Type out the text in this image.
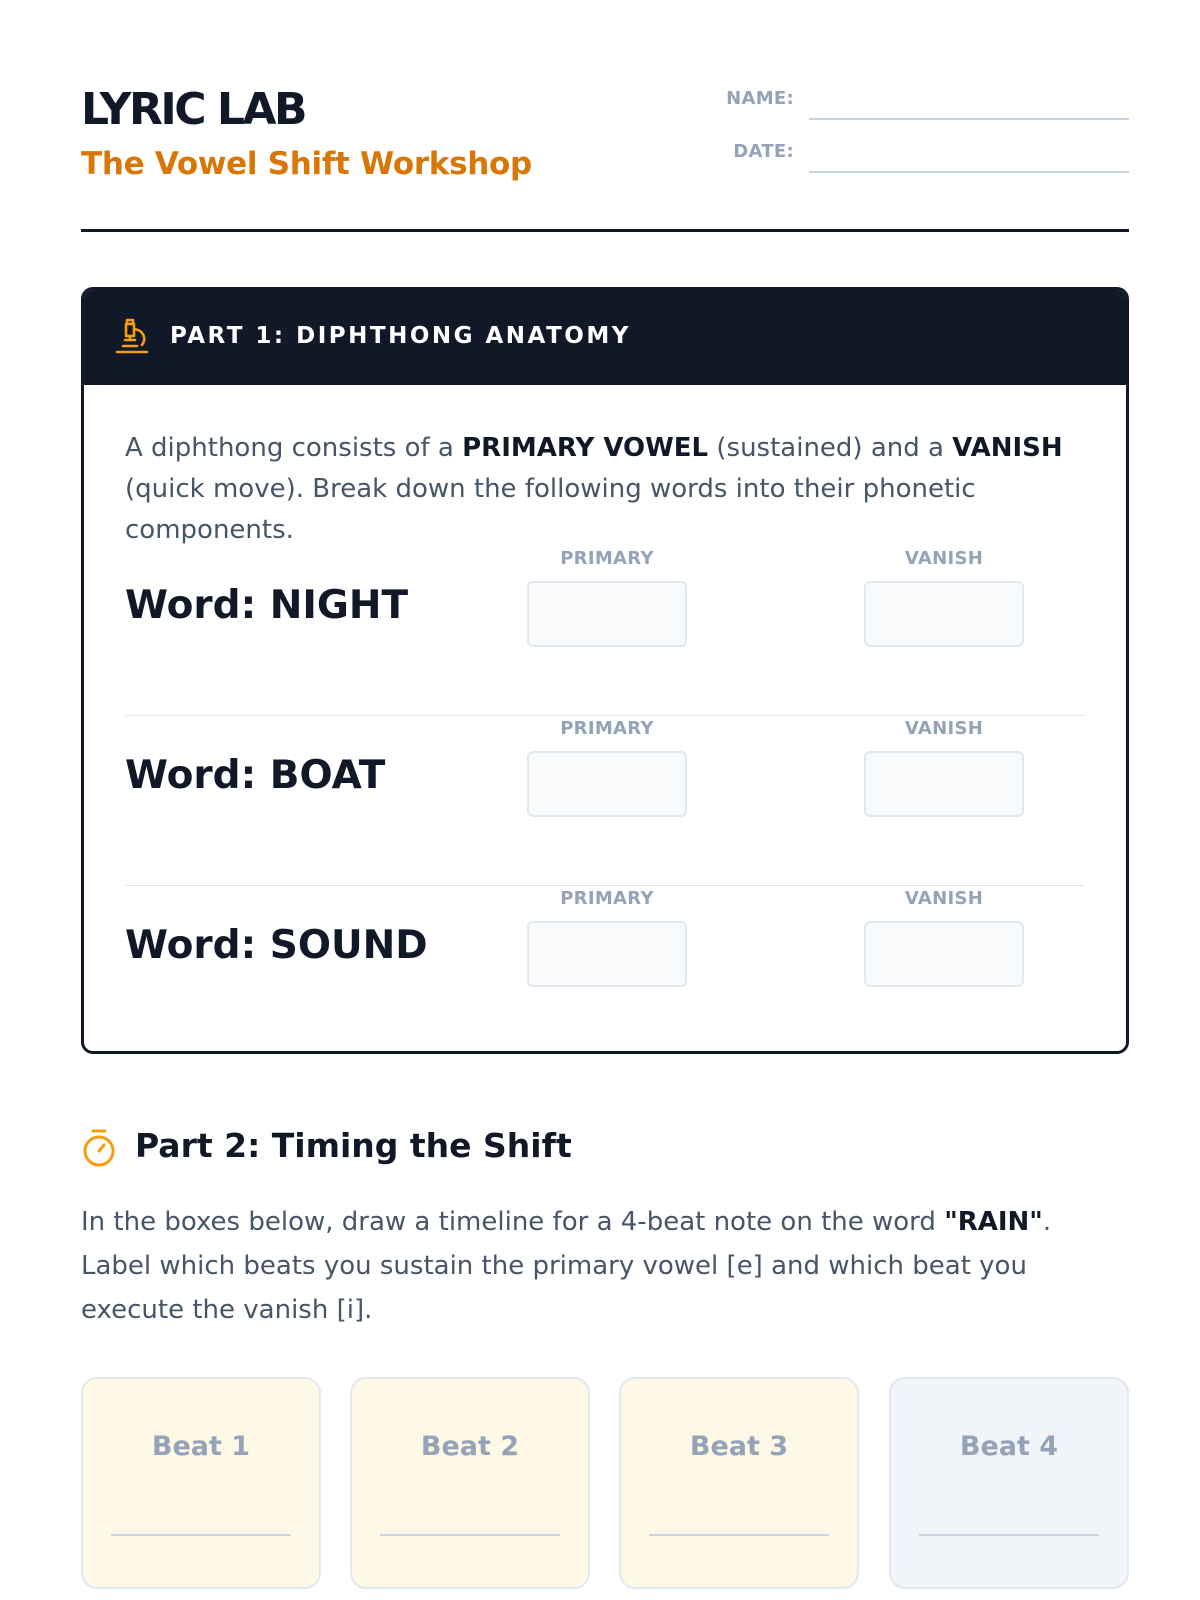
LYRIC LAB
The Vowel Shift Workshop
NAME:
DATE:
PART 1: DIPHTHONG ANATOMY

A diphthong consists of a PRIMARY VOWEL (sustained) and a VANISH (quick move). Break down the following words into their phonetic components.

Word: NIGHT
PRIMARY	VANISH
Word: BOAT
PRIMARY	VANISH
Word: SOUND
PRIMARY	VANISH
Part 2: Timing the Shift

In the boxes below, draw a timeline for a 4-beat note on the word "RAIN". Label which beats you sustain the primary vowel [e] and which beat you execute the vanish [i].

Beat 1	Beat 2	Beat 3	Beat 4
